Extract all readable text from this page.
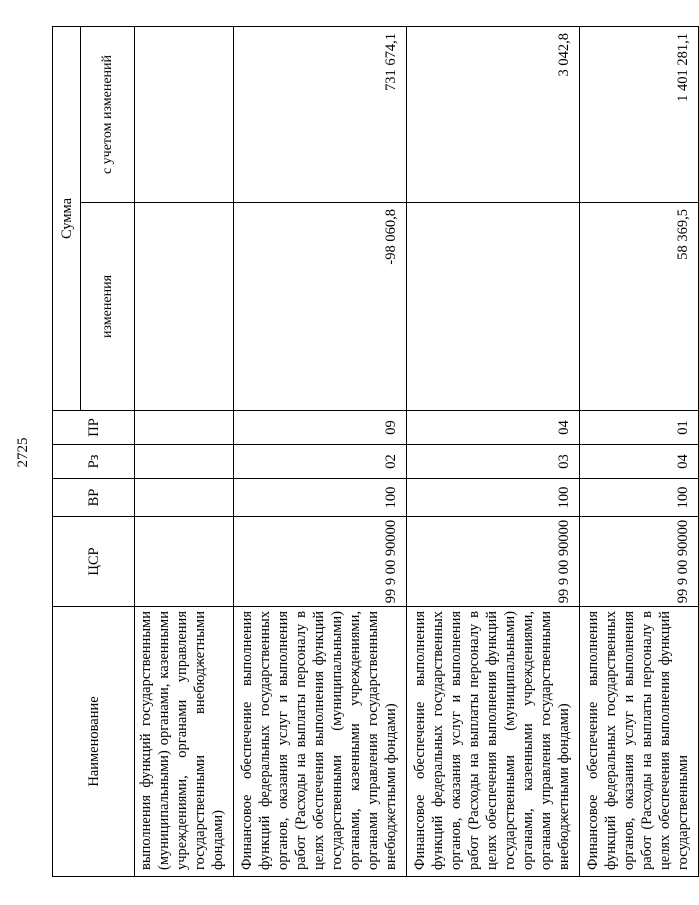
2725
Наименование	ЦСР	ВР	Рз	ПР	Сумма	
					изменения	с учетом изменений
выполнения функций государственными (муниципальными) органами, казенными учреждениями, органами управления государственными внебюджетными фондами)						
Финансовое обеспечение выполнения функций федеральных государственных органов, оказания услуг и выполнения работ (Расходы на выплаты персоналу в целях обеспечения выполнения функций государственными (муниципальными) органами, казенными учреждениями, органами управления государственными внебюджетными фондами)	99 9 00 90000	100	02	09	-98 060,8	731 674,1
Финансовое обеспечение выполнения функций федеральных государственных органов, оказания услуг и выполнения работ (Расходы на выплаты персоналу в целях обеспечения выполнения функций государственными (муниципальными) органами, казенными учреждениями, органами управления государственными внебюджетными фондами)	99 9 00 90000	100	03	04		3 042,8
Финансовое обеспечение выполнения функций федеральных государственных органов, оказания услуг и выполнения работ (Расходы на выплаты персоналу в целях обеспечения выполнения функций государственными	99 9 00 90000	100	04	01	58 369,5	1 401 281,1
